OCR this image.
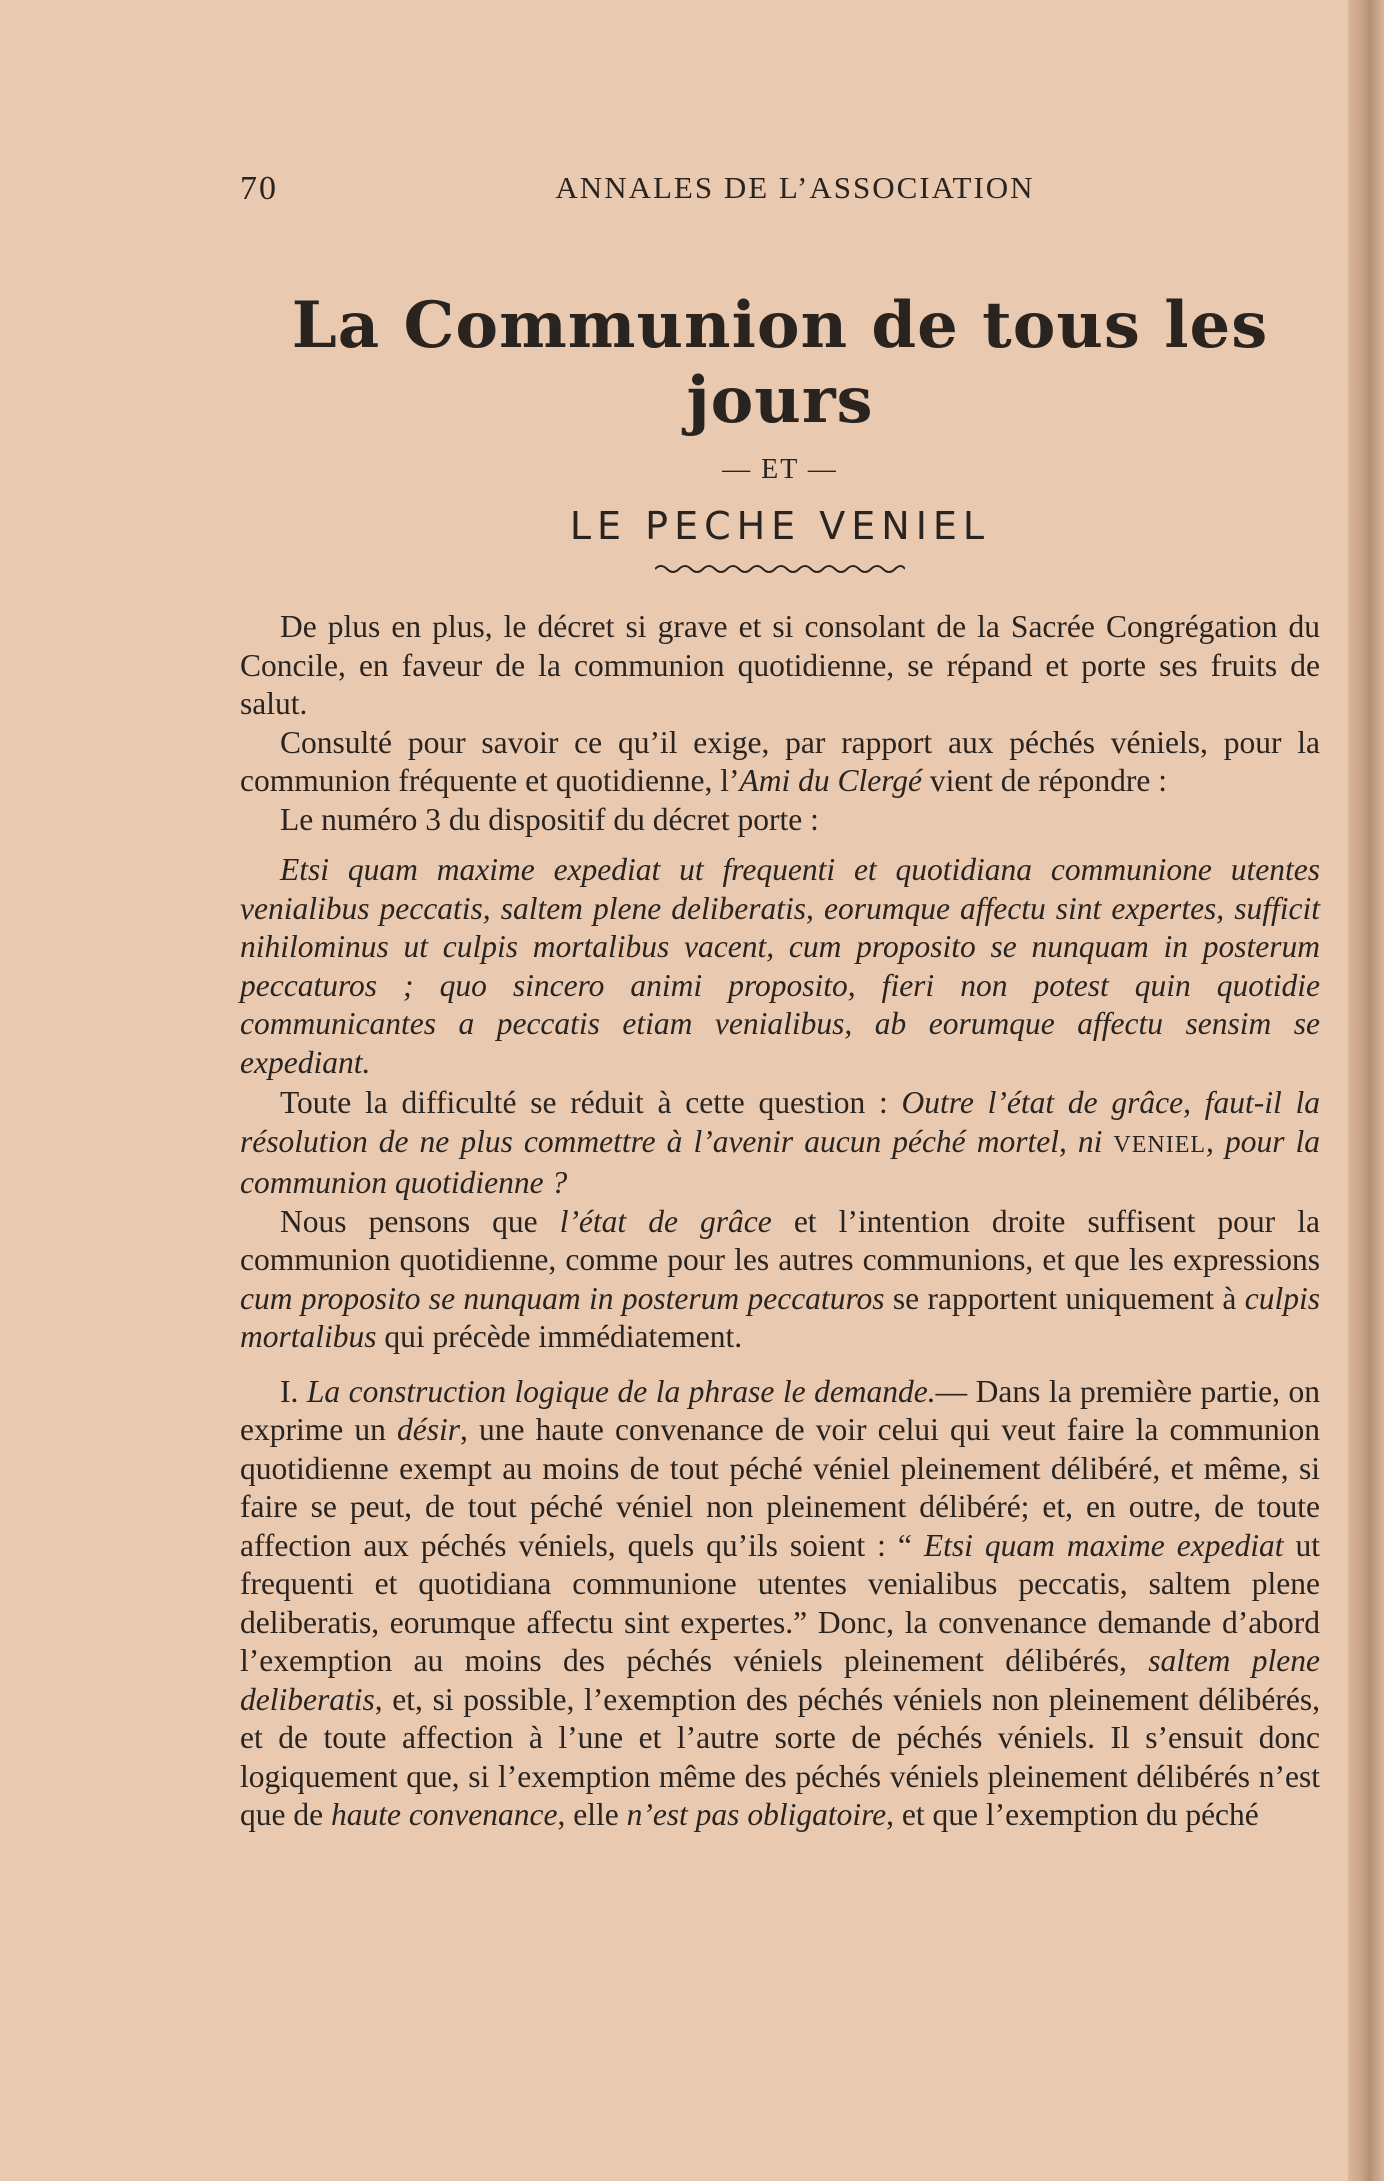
70	ANNALES DE L’ASSOCIATION
La Communion de tous les jours
— ET —
LE PECHE VENIEL

De plus en plus, le décret si grave et si consolant de la Sacrée Congrégation du Concile, en faveur de la communion quotidienne, se répand et porte ses fruits de salut.

Consulté pour savoir ce qu’il exige, par rapport aux péchés véniels, pour la communion fréquente et quotidienne, l’Ami du Clergé vient de répondre :

Le numéro 3 du dispositif du décret porte :

Etsi quam maxime expediat ut frequenti et quotidiana communione utentes venialibus peccatis, saltem plene deliberatis, eorumque affectu sint expertes, sufficit nihilominus ut culpis mortalibus vacent, cum proposito se nunquam in posterum peccaturos ; quo sincero animi proposito, fieri non potest quin quotidie communicantes a peccatis etiam venialibus, ab eorumque affectu sensim se expediant.

Toute la difficulté se réduit à cette question : Outre l’état de grâce, faut-il la résolution de ne plus commettre à l’avenir aucun péché mortel, ni VENIEL, pour la communion quotidienne ?

Nous pensons que l’état de grâce et l’intention droite suffisent pour la communion quotidienne, comme pour les autres communions, et que les expressions cum proposito se nunquam in posterum peccaturos se rapportent uniquement à culpis mortalibus qui précède immédiatement.

I. La construction logique de la phrase le demande.— Dans la première partie, on exprime un désir, une haute convenance de voir celui qui veut faire la communion quotidienne exempt au moins de tout péché véniel pleinement délibéré, et même, si faire se peut, de tout péché véniel non pleinement délibéré; et, en outre, de toute affection aux péchés véniels, quels qu’ils soient : “ Etsi quam maxime expediat ut frequenti et quotidiana communione utentes venialibus peccatis, saltem plene deliberatis, eorumque affectu sint expertes.” Donc, la convenance demande d’abord l’exemption au moins des péchés véniels pleinement délibérés, saltem plene deliberatis, et, si possible, l’exemption des péchés véniels non pleinement délibérés, et de toute affection à l’une et l’autre sorte de péchés véniels. Il s’ensuit donc logiquement que, si l’exemption même des péchés véniels pleinement délibérés n’est que de haute convenance, elle n’est pas obligatoire, et que l’exemption du péché
